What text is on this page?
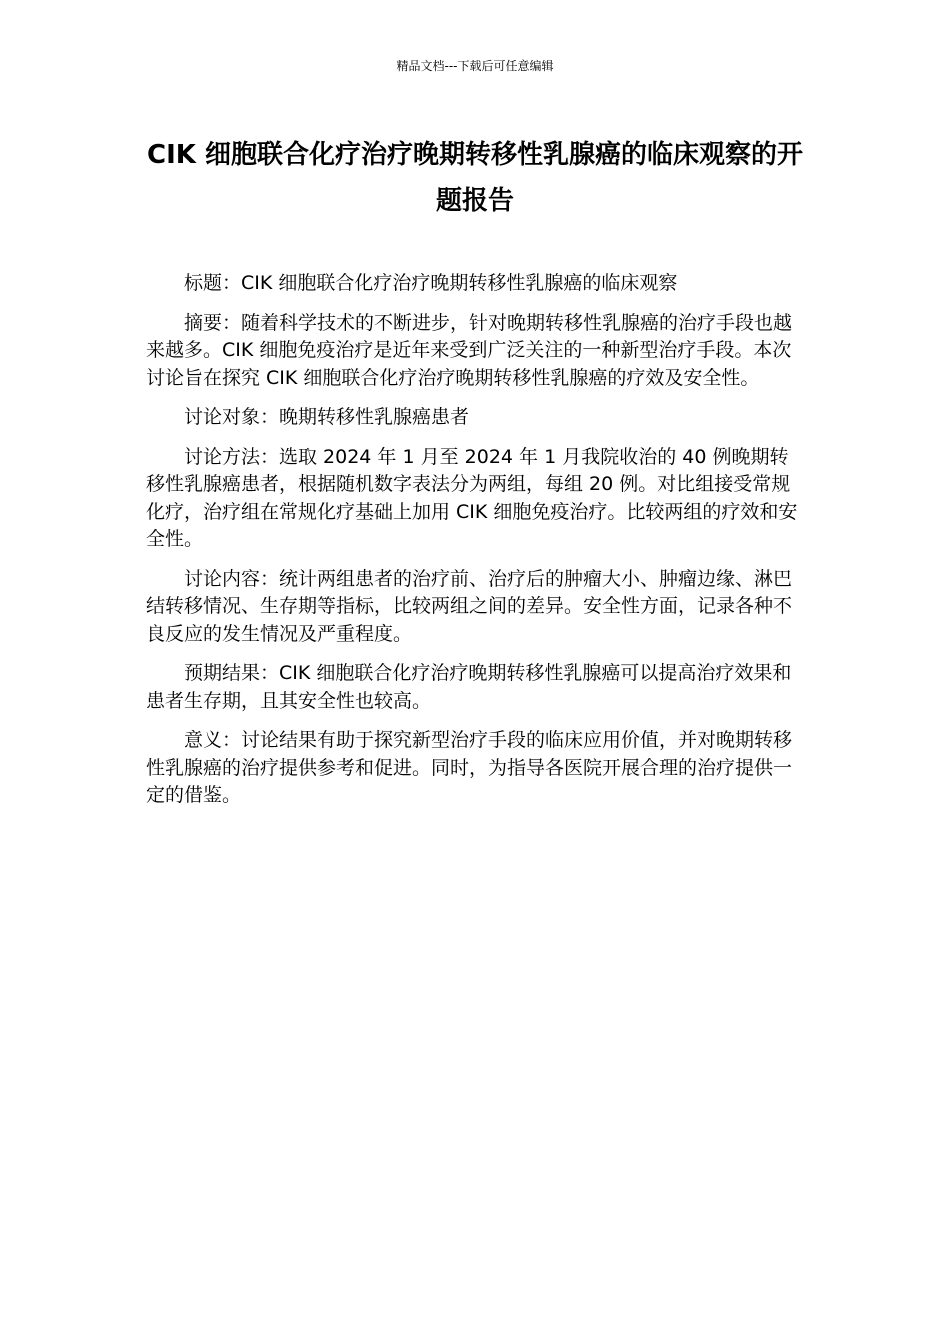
精品文档---下载后可任意编辑
CIK 细胞联合化疗治疗晚期转移性乳腺癌的临床观察的开题报告

标题：CIK 细胞联合化疗治疗晚期转移性乳腺癌的临床观察

摘要：随着科学技术的不断进步，针对晚期转移性乳腺癌的治疗手段也越来越多。CIK 细胞免疫治疗是近年来受到广泛关注的一种新型治疗手段。本次讨论旨在探究 CIK 细胞联合化疗治疗晚期转移性乳腺癌的疗效及安全性。

讨论对象：晚期转移性乳腺癌患者

讨论方法：选取 2024 年 1 月至 2024 年 1 月我院收治的 40 例晚期转移性乳腺癌患者，根据随机数字表法分为两组，每组 20 例。对比组接受常规化疗，治疗组在常规化疗基础上加用 CIK 细胞免疫治疗。比较两组的疗效和安全性。

讨论内容：统计两组患者的治疗前、治疗后的肿瘤大小、肿瘤边缘、淋巴结转移情况、生存期等指标，比较两组之间的差异。安全性方面，记录各种不良反应的发生情况及严重程度。

预期结果：CIK 细胞联合化疗治疗晚期转移性乳腺癌可以提高治疗效果和患者生存期，且其安全性也较高。

意义：讨论结果有助于探究新型治疗手段的临床应用价值，并对晚期转移性乳腺癌的治疗提供参考和促进。同时，为指导各医院开展合理的治疗提供一定的借鉴。
